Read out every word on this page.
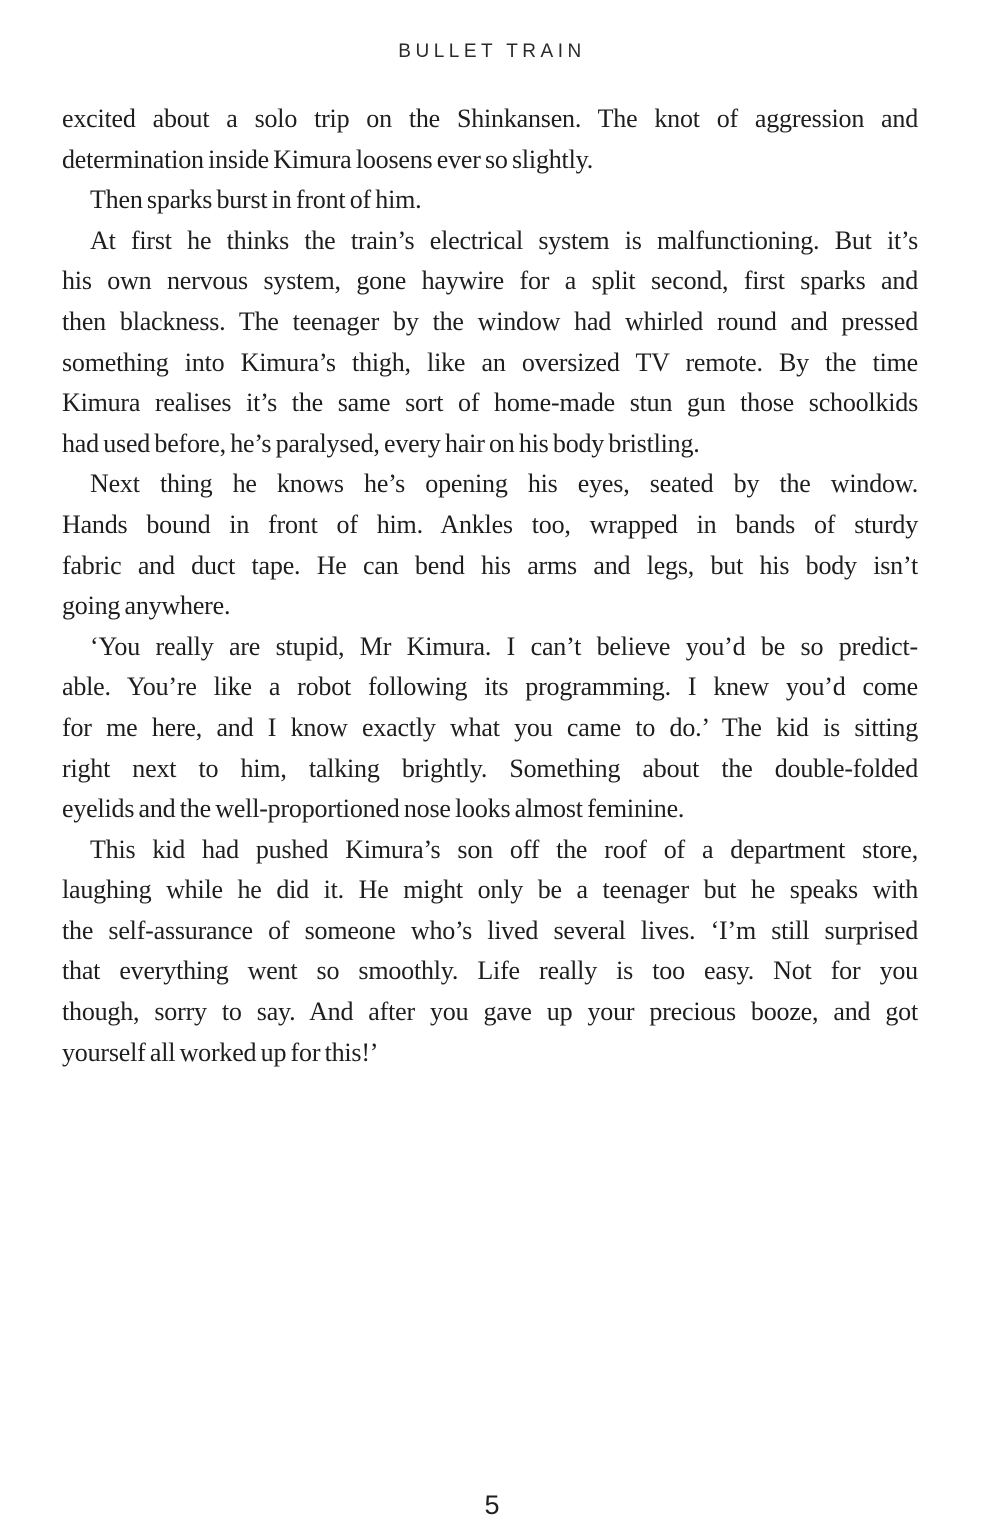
BULLET TRAIN
excited about a solo trip on the Shinkansen. The knot of aggression and
determination inside Kimura loosens ever so slightly.
Then sparks burst in front of him.
At first he thinks the train’s electrical system is malfunctioning. But it’s
his own nervous system, gone haywire for a split second, first sparks and
then blackness. The teenager by the window had whirled round and pressed
something into Kimura’s thigh, like an oversized TV remote. By the time
Kimura realises it’s the same sort of home-made stun gun those schoolkids
had used before, he’s paralysed, every hair on his body bristling.
Next thing he knows he’s opening his eyes, seated by the window.
Hands bound in front of him. Ankles too, wrapped in bands of sturdy
fabric and duct tape. He can bend his arms and legs, but his body isn’t
going anywhere.
‘You really are stupid, Mr Kimura. I can’t believe you’d be so predict-
able. You’re like a robot following its programming. I knew you’d come
for me here, and I know exactly what you came to do.’ The kid is sitting
right next to him, talking brightly. Something about the double-folded
eyelids and the well-proportioned nose looks almost feminine.
This kid had pushed Kimura’s son off the roof of a department store,
laughing while he did it. He might only be a teenager but he speaks with
the self-assurance of someone who’s lived several lives. ‘I’m still surprised
that everything went so smoothly. Life really is too easy. Not for you
though, sorry to say. And after you gave up your precious booze, and got
yourself all worked up for this!’
5
